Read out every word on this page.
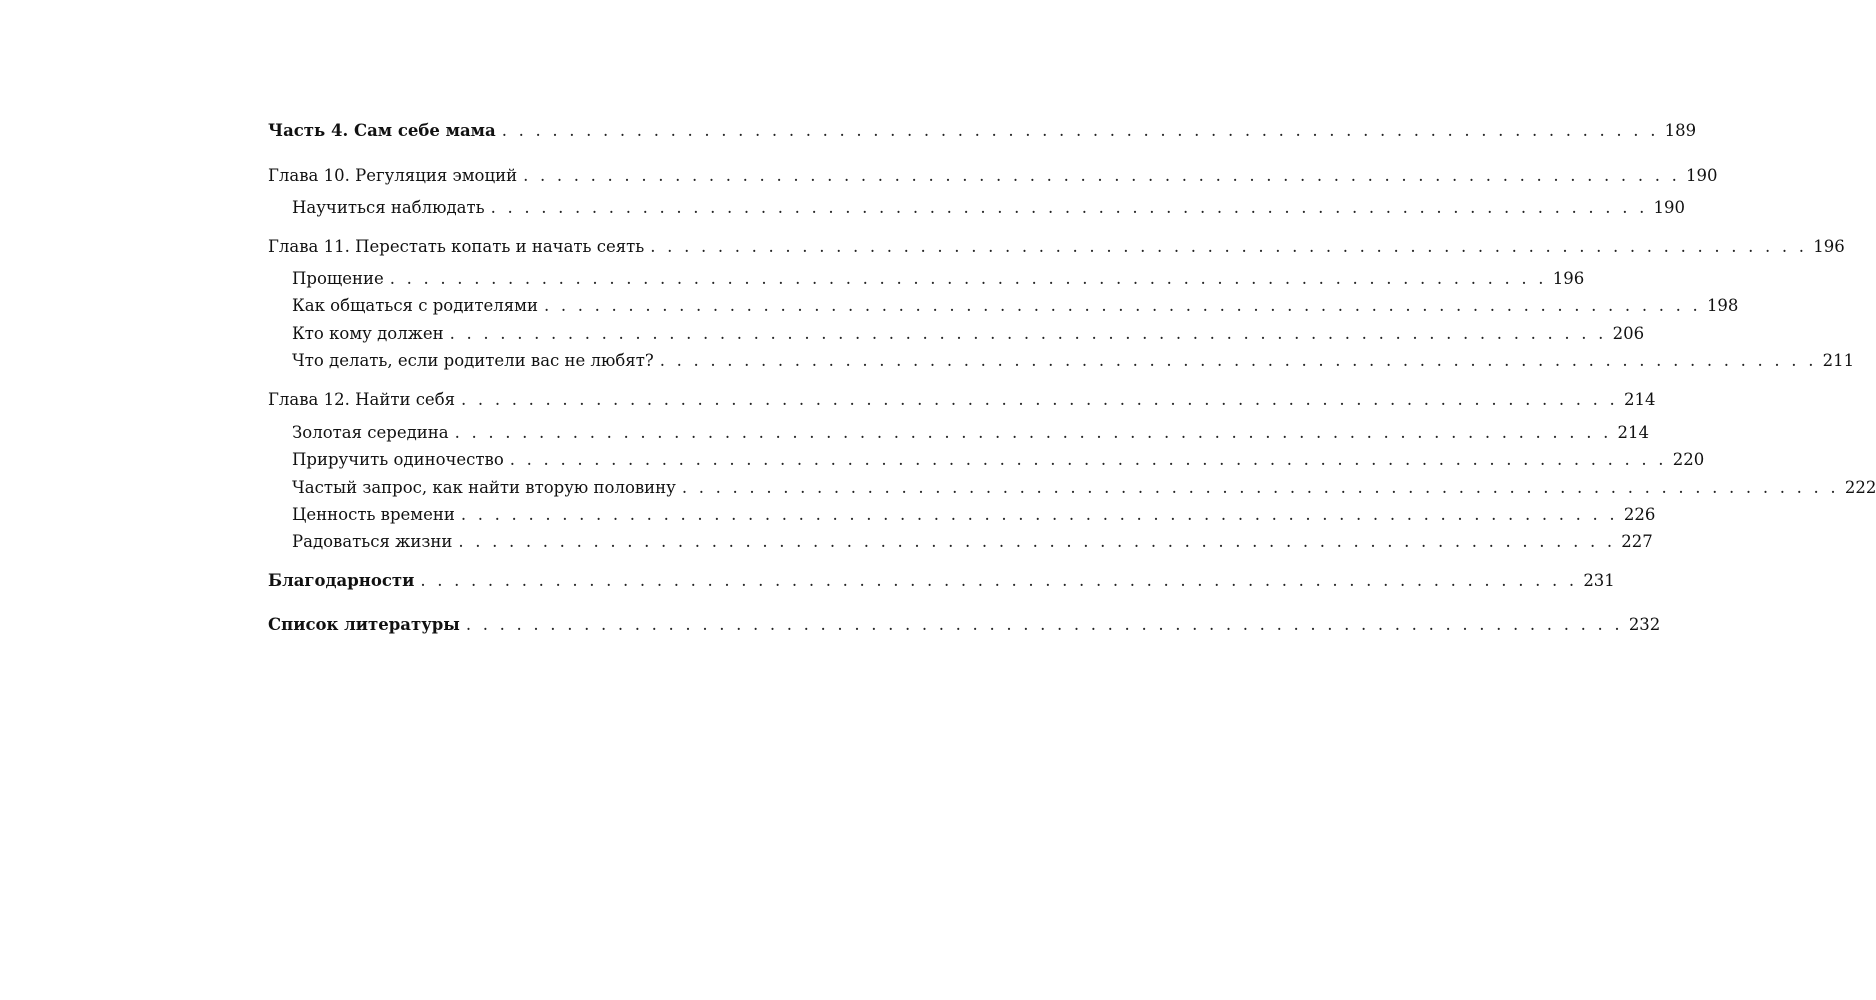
Часть 4. Сам себе мама . . . . . . . . . . . . . . . . . . . . . . . . . . . . . . . . . . . . . . . . . . . . . . . . . . . . . . . . . . . . . . . . . . . . . 189
Глава 10. Регуляция эмоций . . . . . . . . . . . . . . . . . . . . . . . . . . . . . . . . . . . . . . . . . . . . . . . . . . . . . . . . . . . . . . . . . . . . . 190
Научиться наблюдать . . . . . . . . . . . . . . . . . . . . . . . . . . . . . . . . . . . . . . . . . . . . . . . . . . . . . . . . . . . . . . . . . . . . . 190
Глава 11. Перестать копать и начать сеять . . . . . . . . . . . . . . . . . . . . . . . . . . . . . . . . . . . . . . . . . . . . . . . . . . . . . . . . . . . . . . . . . . . . . 196
Прощение . . . . . . . . . . . . . . . . . . . . . . . . . . . . . . . . . . . . . . . . . . . . . . . . . . . . . . . . . . . . . . . . . . . . . 196
Как общаться с родителями . . . . . . . . . . . . . . . . . . . . . . . . . . . . . . . . . . . . . . . . . . . . . . . . . . . . . . . . . . . . . . . . . . . . . 198
Кто кому должен . . . . . . . . . . . . . . . . . . . . . . . . . . . . . . . . . . . . . . . . . . . . . . . . . . . . . . . . . . . . . . . . . . . . . 206
Что делать, если родители вас не любят? . . . . . . . . . . . . . . . . . . . . . . . . . . . . . . . . . . . . . . . . . . . . . . . . . . . . . . . . . . . . . . . . . . . . . 211
Глава 12. Найти себя . . . . . . . . . . . . . . . . . . . . . . . . . . . . . . . . . . . . . . . . . . . . . . . . . . . . . . . . . . . . . . . . . . . . . 214
Золотая середина . . . . . . . . . . . . . . . . . . . . . . . . . . . . . . . . . . . . . . . . . . . . . . . . . . . . . . . . . . . . . . . . . . . . . 214
Приручить одиночество . . . . . . . . . . . . . . . . . . . . . . . . . . . . . . . . . . . . . . . . . . . . . . . . . . . . . . . . . . . . . . . . . . . . . 220
Частый запрос, как найти вторую половину . . . . . . . . . . . . . . . . . . . . . . . . . . . . . . . . . . . . . . . . . . . . . . . . . . . . . . . . . . . . . . . . . . . . . 222
Ценность времени . . . . . . . . . . . . . . . . . . . . . . . . . . . . . . . . . . . . . . . . . . . . . . . . . . . . . . . . . . . . . . . . . . . . . 226
Радоваться жизни . . . . . . . . . . . . . . . . . . . . . . . . . . . . . . . . . . . . . . . . . . . . . . . . . . . . . . . . . . . . . . . . . . . . . 227
Благодарности . . . . . . . . . . . . . . . . . . . . . . . . . . . . . . . . . . . . . . . . . . . . . . . . . . . . . . . . . . . . . . . . . . . . . 231
Список литературы . . . . . . . . . . . . . . . . . . . . . . . . . . . . . . . . . . . . . . . . . . . . . . . . . . . . . . . . . . . . . . . . . . . . . 232
